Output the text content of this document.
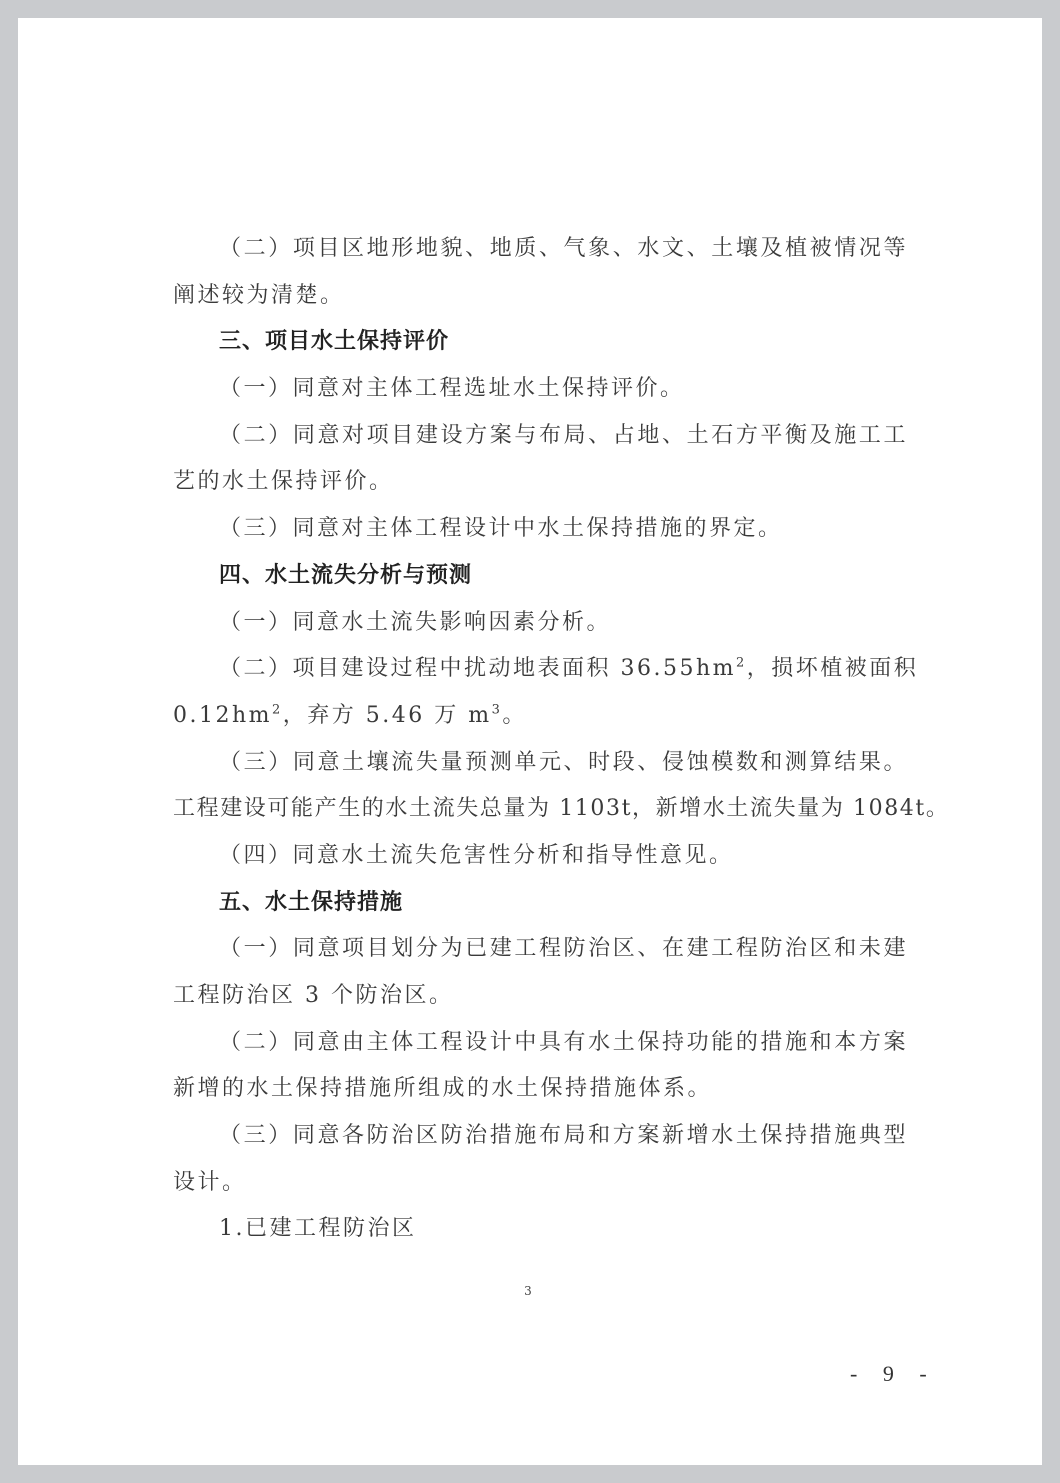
（二）项目区地形地貌、地质、气象、水文、土壤及植被情况等
阐述较为清楚。
三、项目水土保持评价
（一）同意对主体工程选址水土保持评价。
（二）同意对项目建设方案与布局、占地、土石方平衡及施工工
艺的水土保持评价。
（三）同意对主体工程设计中水土保持措施的界定。
四、水土流失分析与预测
（一）同意水土流失影响因素分析。
（二）项目建设过程中扰动地表面积 $36.55hm^2$，损坏植被面积
$0.12hm^2$，弃方 5.46 万 $m^3$。
（三）同意土壤流失量预测单元、时段、侵蚀模数和测算结果。
工程建设可能产生的水土流失总量为 1103t，新增水土流失量为 1084t。
（四）同意水土流失危害性分析和指导性意见。
五、水土保持措施
（一）同意项目划分为已建工程防治区、在建工程防治区和未建
工程防治区 3 个防治区。
（二）同意由主体工程设计中具有水土保持功能的措施和本方案
新增的水土保持措施所组成的水土保持措施体系。
（三）同意各防治区防治措施布局和方案新增水土保持措施典型
设计。
1.已建工程防治区
3
- 9 -
